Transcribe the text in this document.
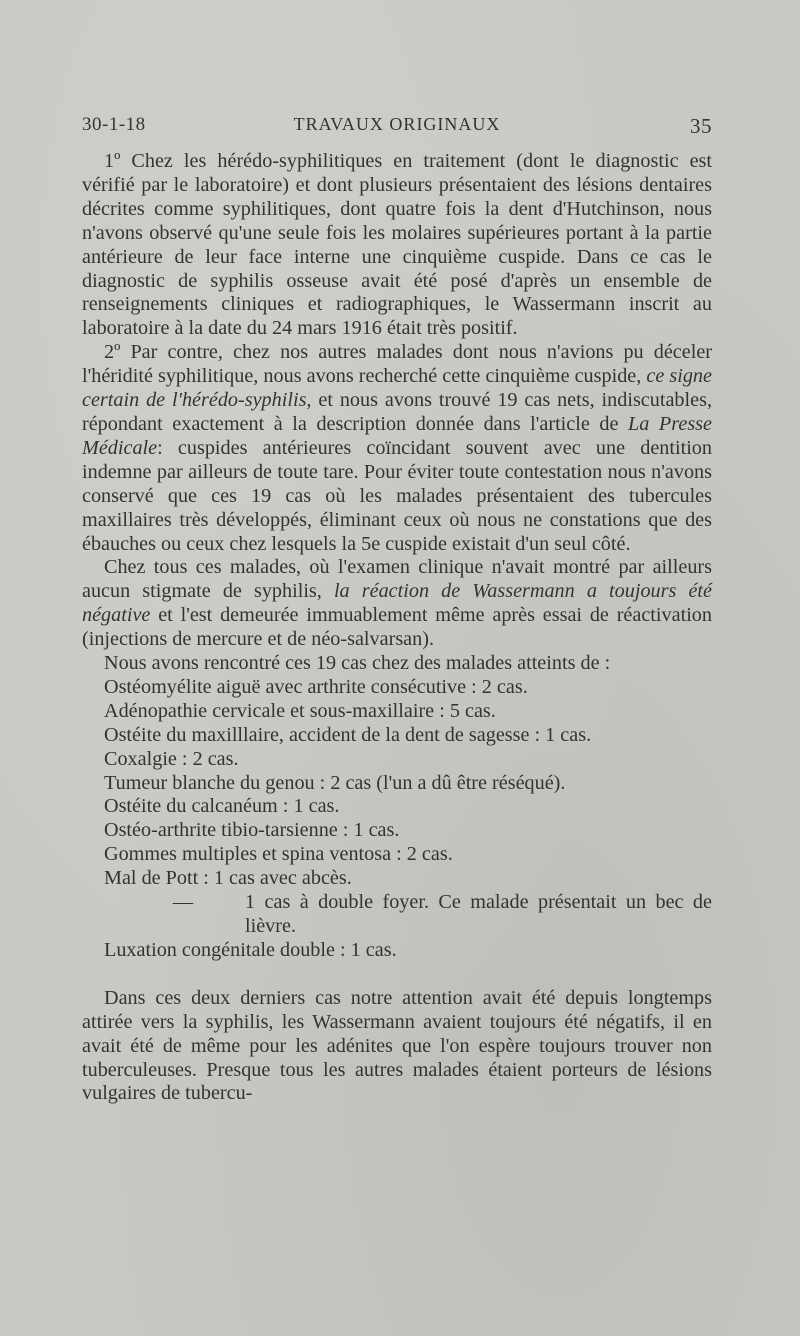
30-1-18	TRAVAUX ORIGINAUX	35

1º Chez les hérédo-syphilitiques en traitement (dont le diagnostic est vérifié par le laboratoire) et dont plusieurs présentaient des lésions dentaires décrites comme syphilitiques, dont quatre fois la dent d'Hutchinson, nous n'avons observé qu'une seule fois les molaires supérieures portant à la partie antérieure de leur face interne une cinquième cuspide. Dans ce cas le diagnostic de syphilis osseuse avait été posé d'après un ensemble de renseignements cliniques et radiographiques, le Wassermann inscrit au laboratoire à la date du 24 mars 1916 était très positif.

2º Par contre, chez nos autres malades dont nous n'avions pu déceler l'héridité syphilitique, nous avons recherché cette cinquième cuspide, ce signe certain de l'hérédo-syphilis, et nous avons trouvé 19 cas nets, indiscutables, répondant exactement à la description donnée dans l'article de La Presse Médicale: cuspides antérieures coïncidant souvent avec une dentition indemne par ailleurs de toute tare. Pour éviter toute contestation nous n'avons conservé que ces 19 cas où les malades présentaient des tubercules maxillaires très développés, éliminant ceux où nous ne constations que des ébauches ou ceux chez lesquels la 5e cuspide existait d'un seul côté.

Chez tous ces malades, où l'examen clinique n'avait montré par ailleurs aucun stigmate de syphilis, la réaction de Wassermann a toujours été négative et l'est demeurée immuablement même après essai de réactivation (injections de mercure et de néo-salvarsan).

Nous avons rencontré ces 19 cas chez des malades atteints de :

Ostéomyélite aiguë avec arthrite consécutive : 2 cas.
Adénopathie cervicale et sous-maxillaire : 5 cas.
Ostéite du maxilllaire, accident de la dent de sagesse : 1 cas.
Coxalgie : 2 cas.
Tumeur blanche du genou : 2 cas (l'un a dû être réséqué).
Ostéite du calcanéum : 1 cas.
Ostéo-arthrite tibio-tarsienne : 1 cas.
Gommes multiples et spina ventosa : 2 cas.
Mal de Pott : 1 cas avec abcès.
—	1 cas à double foyer. Ce malade présentait un bec de lièvre.
Luxation congénitale double : 1 cas.

Dans ces deux derniers cas notre attention avait été depuis longtemps attirée vers la syphilis, les Wassermann avaient toujours été négatifs, il en avait été de même pour les adénites que l'on espère toujours trouver non tuberculeuses. Presque tous les autres malades étaient porteurs de lésions vulgaires de tubercu-
